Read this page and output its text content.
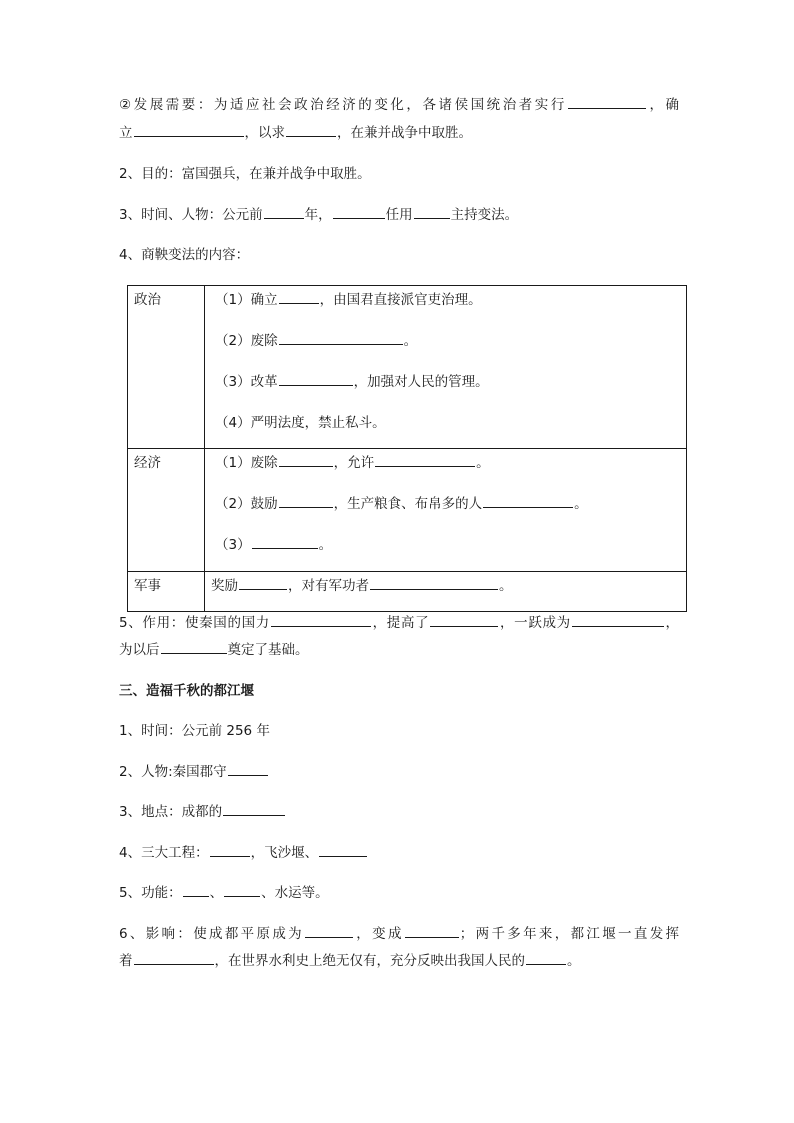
②发展需要：为适应社会政治经济的变化，各诸侯国统治者实行	，确
立	，以求	，在兼并战争中取胜。
2、目的：富国强兵，在兼并战争中取胜。
3、时间、人物：公元前	年，	任用	主持变法。
4、商鞅变法的内容：
政治	（1）确立 ，由国君直接派官吏治理。
（2）废除 。
（3）改革 ，加强对人民的管理。
（4）严明法度，禁止私斗。

经济	（1）废除 ，允许 。
（2）鼓励 ，生产粮食、布帛多的人 。
（3） 。

军事	奖励 ，对有军功者 。
5、作用：使秦国的国力	，提高了	，一跃成为	，
为以后	奠定了基础。
三、造福千秋的都江堰
1、时间：公元前 256 年
2、人物:秦国郡守
3、地点：成都的
4、三大工程：	，飞沙堰、
5、功能： 、	、水运等。
6、影响：使成都平原成为	，变成	；两千多年来，都江堰一直发挥
着	，在世界水利史上绝无仅有，充分反映出我国人民的	。
